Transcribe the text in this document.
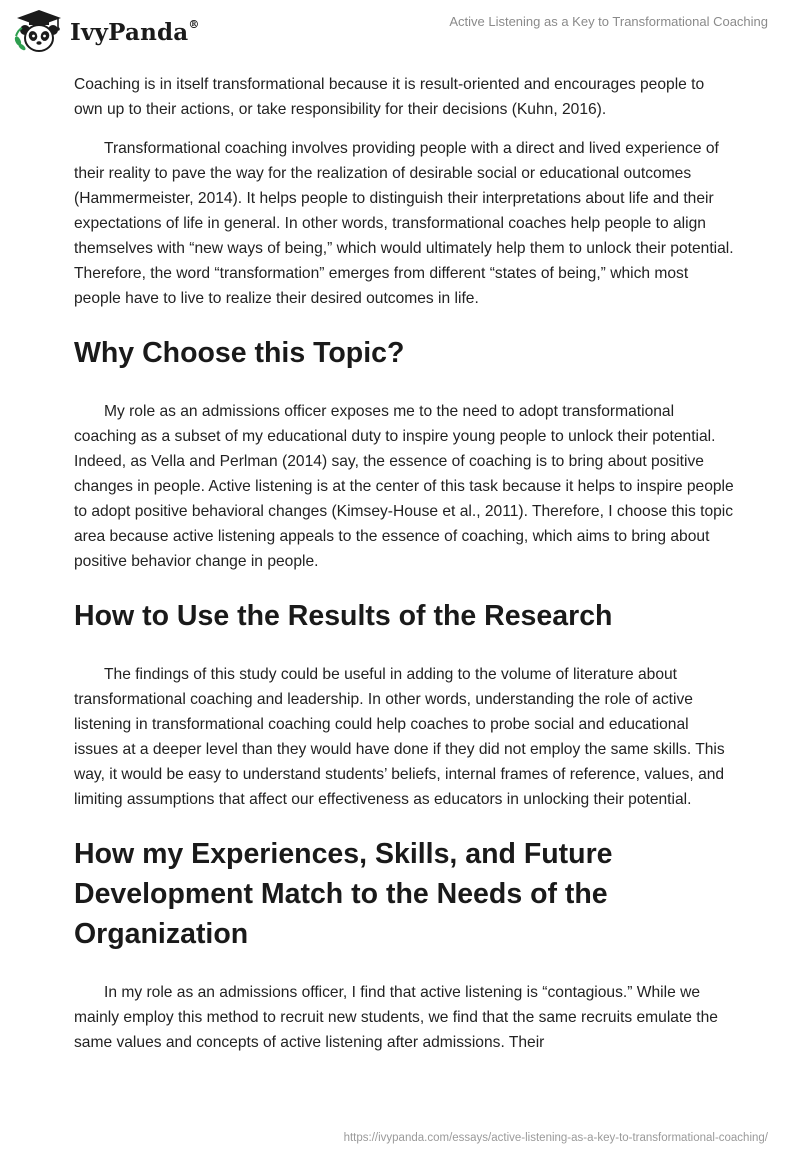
IvyPanda®	Active Listening as a Key to Transformational Coaching

Coaching is in itself transformational because it is result-oriented and encourages people to own up to their actions, or take responsibility for their decisions (Kuhn, 2016).

Transformational coaching involves providing people with a direct and lived experience of their reality to pave the way for the realization of desirable social or educational outcomes (Hammermeister, 2014). It helps people to distinguish their interpretations about life and their expectations of life in general. In other words, transformational coaches help people to align themselves with “new ways of being,” which would ultimately help them to unlock their potential. Therefore, the word “transformation” emerges from different “states of being,” which most people have to live to realize their desired outcomes in life.

Why Choose this Topic?

My role as an admissions officer exposes me to the need to adopt transformational coaching as a subset of my educational duty to inspire young people to unlock their potential. Indeed, as Vella and Perlman (2014) say, the essence of coaching is to bring about positive changes in people. Active listening is at the center of this task because it helps to inspire people to adopt positive behavioral changes (Kimsey-House et al., 2011). Therefore, I choose this topic area because active listening appeals to the essence of coaching, which aims to bring about positive behavior change in people.

How to Use the Results of the Research

The findings of this study could be useful in adding to the volume of literature about transformational coaching and leadership. In other words, understanding the role of active listening in transformational coaching could help coaches to probe social and educational issues at a deeper level than they would have done if they did not employ the same skills. This way, it would be easy to understand students’ beliefs, internal frames of reference, values, and limiting assumptions that affect our effectiveness as educators in unlocking their potential.

How my Experiences, Skills, and Future Development Match to the Needs of the Organization

In my role as an admissions officer, I find that active listening is “contagious.” While we mainly employ this method to recruit new students, we find that the same recruits emulate the same values and concepts of active listening after admissions. Their

https://ivypanda.com/essays/active-listening-as-a-key-to-transformational-coaching/
